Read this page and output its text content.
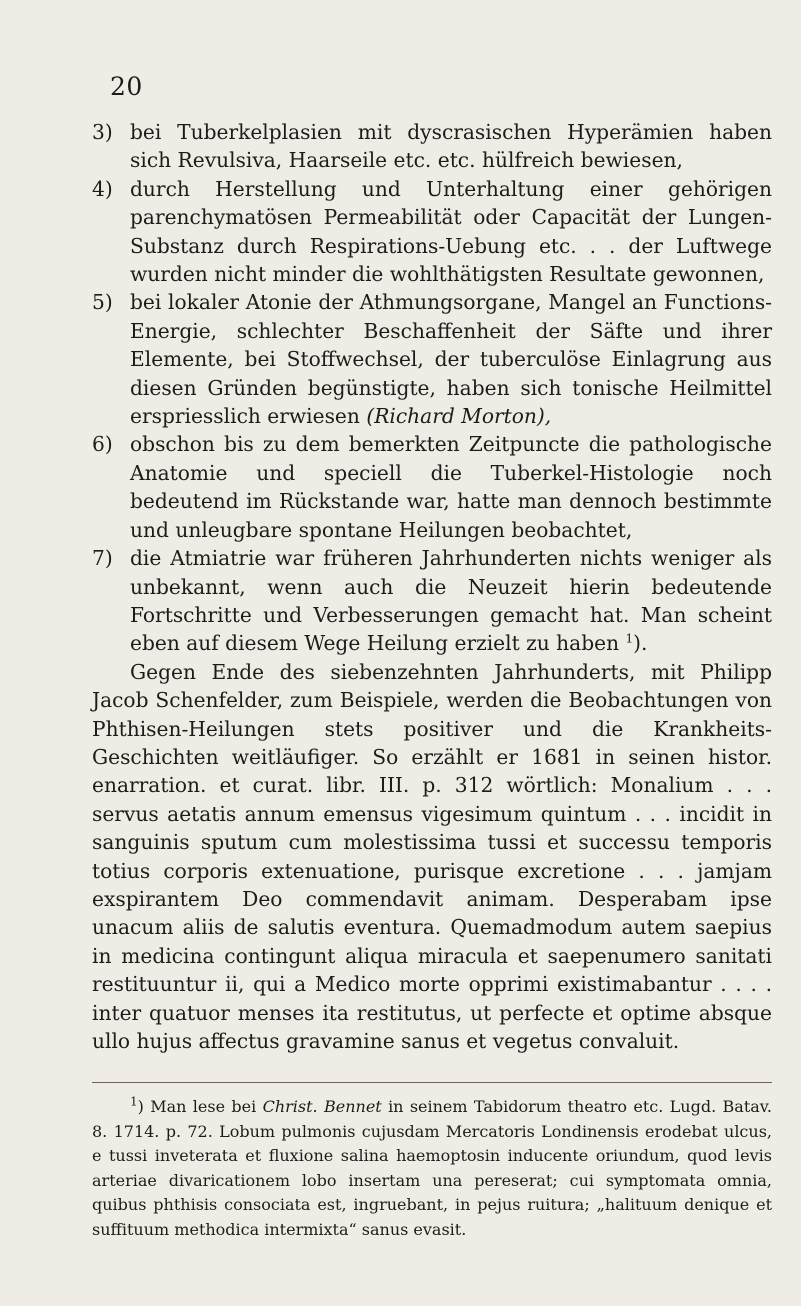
20
3) bei Tuberkelplasien mit dyscrasischen Hyperämien haben sich Revulsiva, Haarseile etc. etc. hülfreich bewiesen,
4) durch Herstellung und Unterhaltung einer gehörigen parenchymatösen Permeabilität oder Capacität der Lungen-Substanz durch Respirations-Uebung etc. . . der Luftwege wurden nicht minder die wohlthätigsten Resultate gewonnen,
5) bei lokaler Atonie der Athmungsorgane, Mangel an Functions-Energie, schlechter Beschaffenheit der Säfte und ihrer Elemente, bei Stoffwechsel, der tuberculöse Einlagrung aus diesen Gründen begünstigte, haben sich tonische Heilmittel erspriesslich erwiesen (Richard Morton),
6) obschon bis zu dem bemerkten Zeitpuncte die pathologische Anatomie und speciell die Tuberkel-Histologie noch bedeutend im Rückstande war, hatte man dennoch bestimmte und unleugbare spontane Heilungen beobachtet,
7) die Atmiatrie war früheren Jahrhunderten nichts weniger als unbekannt, wenn auch die Neuzeit hierin bedeutende Fortschritte und Verbesserungen gemacht hat. Man scheint eben auf diesem Wege Heilung erzielt zu haben $^1$).

Gegen Ende des siebenzehnten Jahrhunderts, mit Philipp Jacob Schenfelder, zum Beispiele, werden die Beobachtungen von Phthisen-Heilungen stets positiver und die Krankheits-Geschichten weitläufiger. So erzählt er 1681 in seinen histor. enarration. et curat. libr. III. p. 312 wörtlich: Monalium . . . servus aetatis annum emensus vigesimum quintum . . . incidit in sanguinis sputum cum molestissima tussi et successu temporis totius corporis extenuatione, purisque excretione . . . jamjam exspirantem Deo commendavit animam. Desperabam ipse unacum aliis de salutis eventura. Quemadmodum autem saepius in medicina contingunt aliqua miracula et saepenumero sanitati restituuntur ii, qui a Medico morte opprimi existimabantur . . . . inter quatuor menses ita restitutus, ut perfecte et optime absque ullo hujus affectus gravamine sanus et vegetus convaluit.

$^1$) Man lese bei Christ. Bennet in seinem Tabidorum theatro etc. Lugd. Batav. 8. 1714. p. 72. Lobum pulmonis cujusdam Mercatoris Londinensis erodebat ulcus, e tussi inveterata et fluxione salina haemoptosin inducente oriundum, quod levis arteriae divaricationem lobo insertam una pereserat; cui symptomata omnia, quibus phthisis consociata est, ingruebant, in pejus ruitura; „halituum denique et suffituum methodica intermixta“ sanus evasit.
